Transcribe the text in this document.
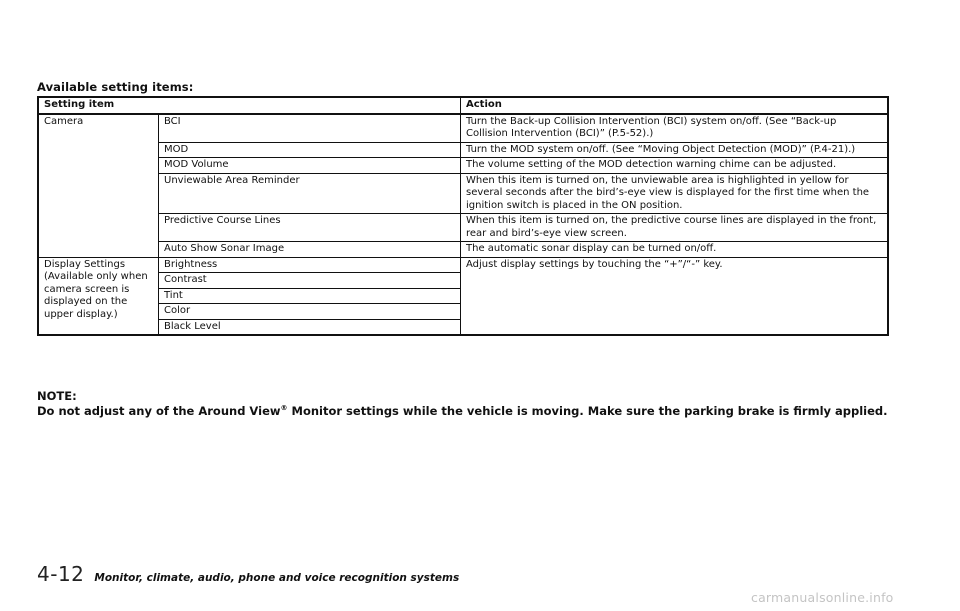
Available setting items:
Setting item		Action
Camera	BCI	Turn the Back-up Collision Intervention (BCI) system on/off. (See “Back-up Collision Intervention (BCI)” (P.5-52).)
	MOD	Turn the MOD system on/off. (See “Moving Object Detection (MOD)” (P.4-21).)
	MOD Volume	The volume setting of the MOD detection warning chime can be adjusted.
	Unviewable Area Reminder	When this item is turned on, the unviewable area is highlighted in yellow for several seconds after the bird’s-eye view is displayed for the first time when the ignition switch is placed in the ON position.
	Predictive Course Lines	When this item is turned on, the predictive course lines are displayed in the front, rear and bird’s-eye view screen.
	Auto Show Sonar Image	The automatic sonar display can be turned on/off.
Display Settings (Available only when camera screen is displayed on the upper display.)	Brightness	Adjust display settings by touching the “+”/“-” key.
	Contrast	
	Tint	
	Color	
	Black Level	
NOTE:
Do not adjust any of the Around View® Monitor settings while the vehicle is moving. Make sure the parking brake is firmly applied.
4-12 Monitor, climate, audio, phone and voice recognition systems
carmanualsonline.info
